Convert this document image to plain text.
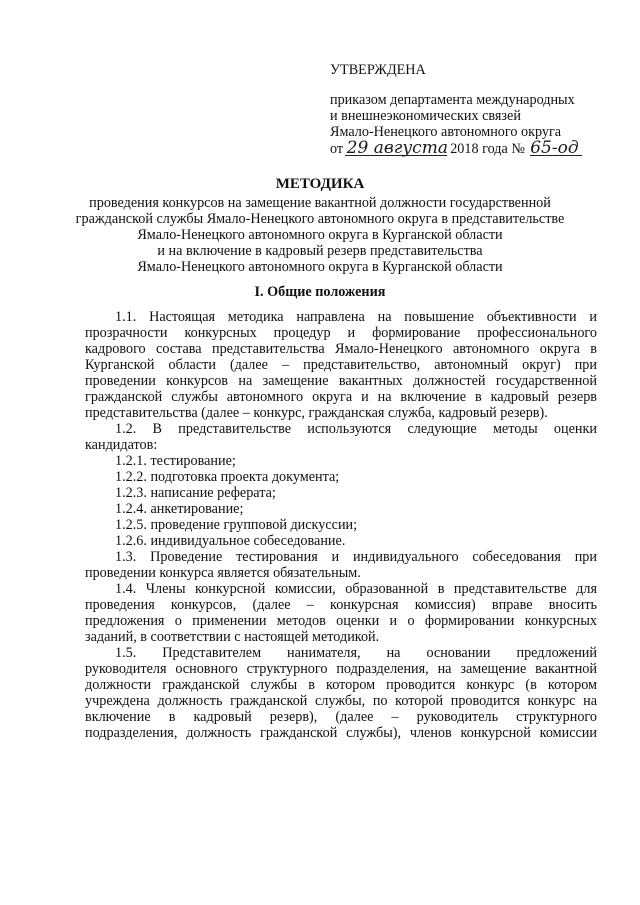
УТВЕРЖДЕНА
приказом департамента международных
и внешнеэкономических связей
Ямало-Ненецкого автономного округа
от 29 августа 2018 года № 65-од
МЕТОДИКА
проведения конкурсов на замещение вакантной должности государственной
гражданской службы Ямало-Ненецкого автономного округа в представительстве
Ямало-Ненецкого автономного округа в Курганской области
и на включение в кадровый резерв представительства
Ямало-Ненецкого автономного округа в Курганской области
I. Общие положения
1.1. Настоящая методика направлена на повышение объективности и
прозрачности конкурсных процедур и формирование профессионального
кадрового состава представительства Ямало-Ненецкого автономного округа в
Курганской области (далее – представительство, автономный округ) при
проведении конкурсов на замещение вакантных должностей государственной
гражданской службы автономного округа и на включение в кадровый резерв
представительства (далее – конкурс, гражданская служба, кадровый резерв).
1.2. В представительстве используются следующие методы оценки
кандидатов:
1.2.1. тестирование;
1.2.2. подготовка проекта документа;
1.2.3. написание реферата;
1.2.4. анкетирование;
1.2.5. проведение групповой дискуссии;
1.2.6. индивидуальное собеседование.
1.3. Проведение тестирования и индивидуального собеседования при
проведении конкурса является обязательным.
1.4. Члены конкурсной комиссии, образованной в представительстве для
проведения конкурсов, (далее – конкурсная комиссия) вправе вносить
предложения о применении методов оценки и о формировании конкурсных
заданий, в соответствии с настоящей методикой.
1.5. Представителем нанимателя, на основании предложений
руководителя основного структурного подразделения, на замещение вакантной
должности гражданской службы в котором проводится конкурс (в котором
учреждена должность гражданской службы, по которой проводится конкурс на
включение в кадровый резерв), (далее – руководитель структурного
подразделения, должность гражданской службы), членов конкурсной комиссии
